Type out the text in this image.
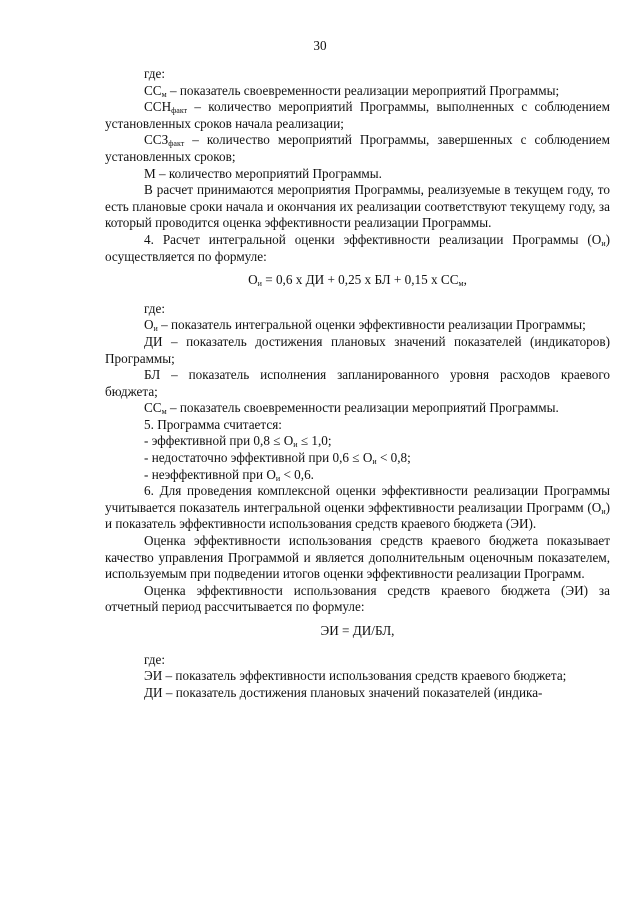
30

где:

$СС_м$ – показатель своевременности реализации мероприятий Программы;

$ССН_{факт}$ – количество мероприятий Программы, выполненных с соблюдением установленных сроков начала реализации;

$ССЗ_{факт}$ – количество мероприятий Программы, завершенных с соблюдением установленных сроков;

М – количество мероприятий Программы.

В расчет принимаются мероприятия Программы, реализуемые в текущем году, то есть плановые сроки начала и окончания их реализации соответствуют текущему году, за который проводится оценка эффективности реализации Программы.

4. Расчет интегральной оценки эффективности реализации Программы $(О_и)$ осуществляется по формуле:

$О_и = 0,6$ х ДИ + 0,25 х БЛ + 0,15 х $СС_м$,

где:

$О_и$ – показатель интегральной оценки эффективности реализации Программы;

ДИ – показатель достижения плановых значений показателей (индикаторов) Программы;

БЛ – показатель исполнения запланированного уровня расходов краевого бюджета;

$СС_м$ – показатель своевременности реализации мероприятий Программы.

5. Программа считается:

- эффективной при $0,8 \le О_и \le 1,0$;

- недостаточно эффективной при $0,6 \le О_и < 0,8$;

- неэффективной при $О_и < 0,6$.

6. Для проведения комплексной оценки эффективности реализации Программы учитывается показатель интегральной оценки эффективности реализации Программ $(О_и)$ и показатель эффективности использования средств краевого бюджета (ЭИ).

Оценка эффективности использования средств краевого бюджета показывает качество управления Программой и является дополнительным оценочным показателем, используемым при подведении итогов оценки эффективности реализации Программ.

Оценка эффективности использования средств краевого бюджета (ЭИ) за отчетный период рассчитывается по формуле:

ЭИ = ДИ/БЛ,

где:

ЭИ – показатель эффективности использования средств краевого бюджета;

ДИ – показатель достижения плановых значений показателей (индика-
